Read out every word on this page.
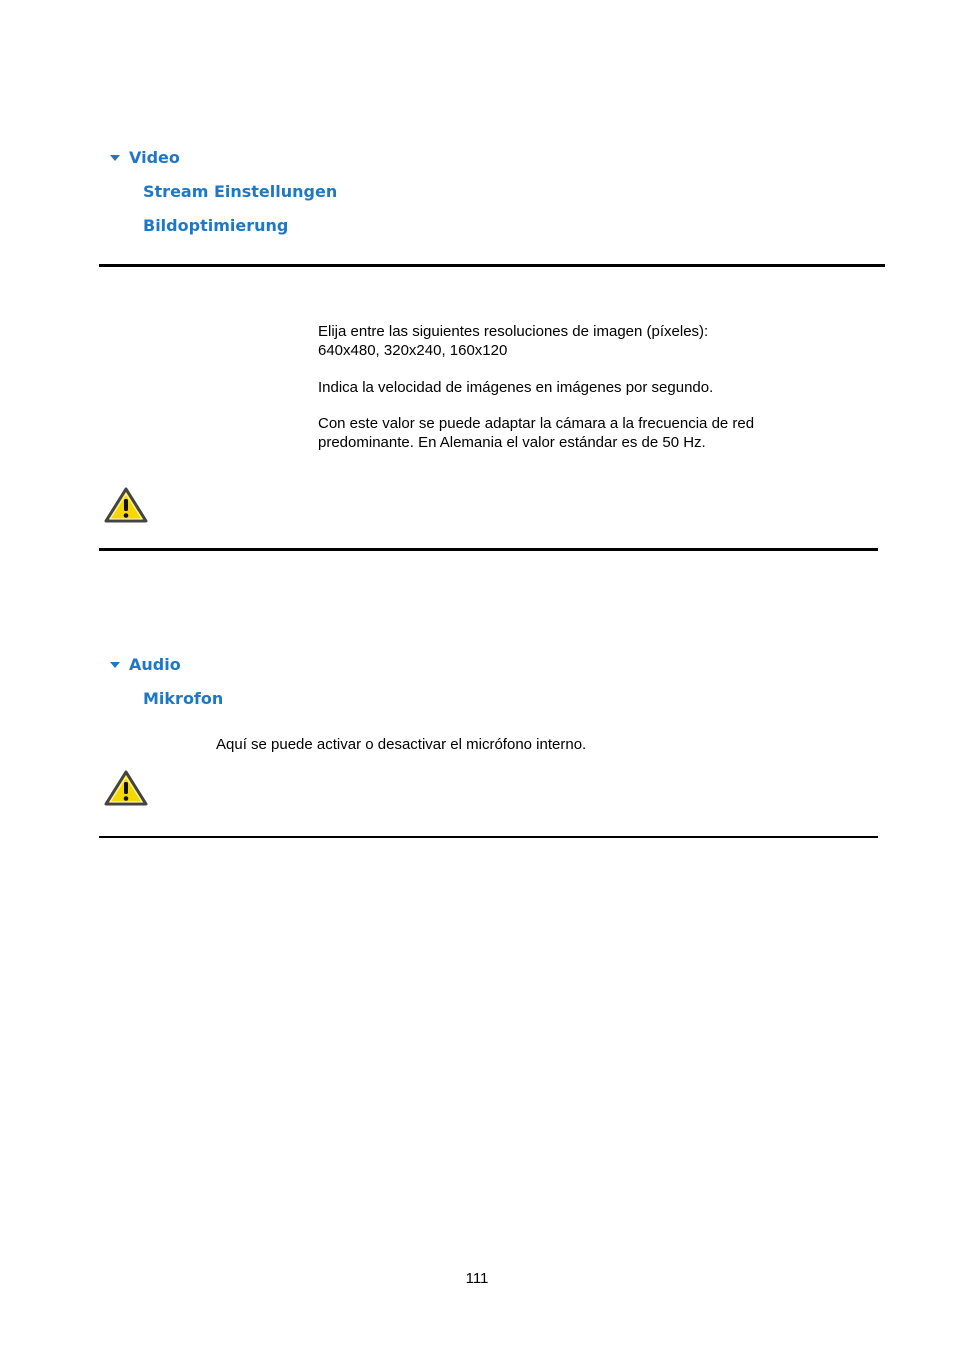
Video
Stream Einstellungen
Bildoptimierung
Elija entre las siguientes resoluciones de imagen (píxeles):
640x480, 320x240, 160x120
Indica la velocidad de imágenes en imágenes por segundo.
Con este valor se puede adaptar la cámara a la frecuencia de red
predominante. En Alemania el valor estándar es de 50 Hz.
Audio
Mikrofon
Aquí se puede activar o desactivar el micrófono interno.
111
